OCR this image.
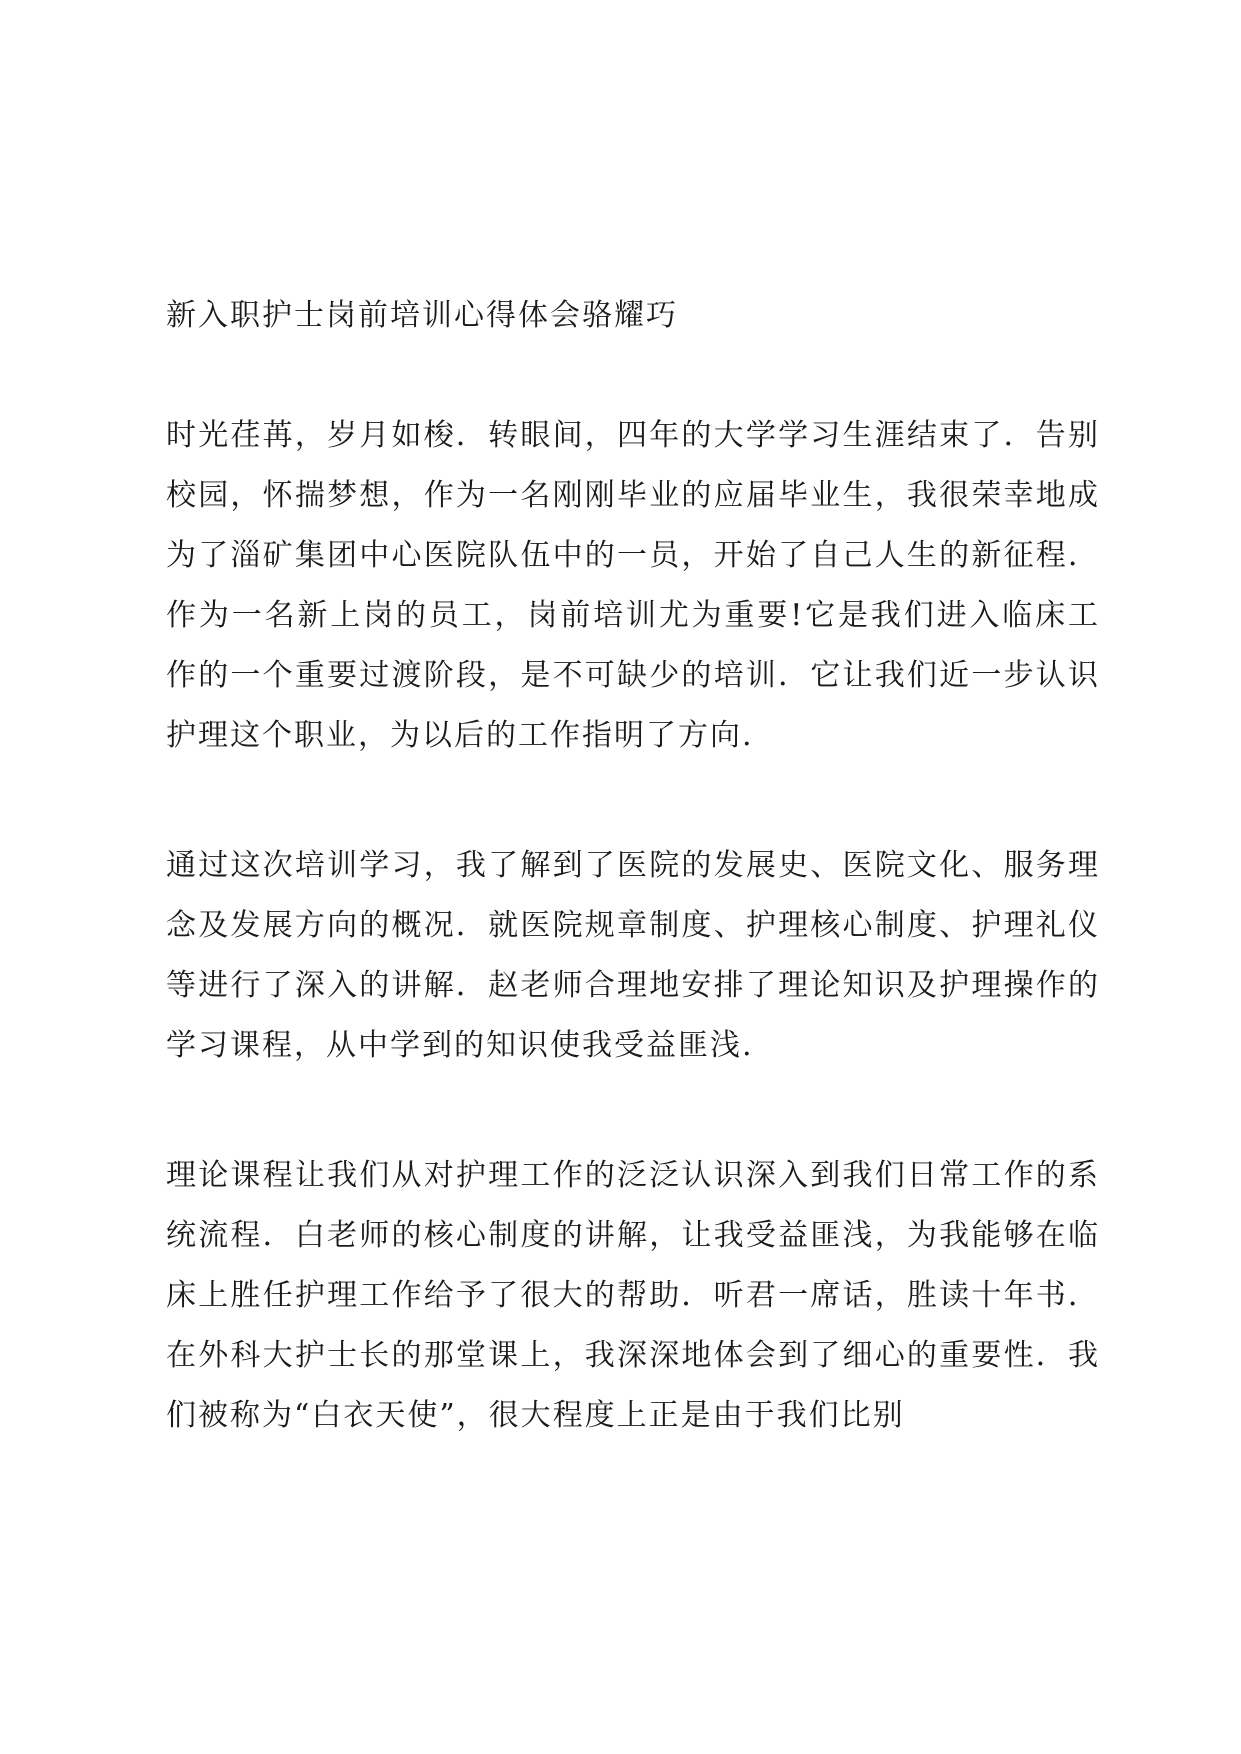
新入职护士岗前培训心得体会骆耀巧

时光荏苒，岁月如梭．转眼间，四年的大学学习生涯结束了．告别校园，怀揣梦想，作为一名刚刚毕业的应届毕业生，我很荣幸地成为了淄矿集团中心医院队伍中的一员，开始了自己人生的新征程．作为一名新上岗的员工，岗前培训尤为重要!它是我们进入临床工作的一个重要过渡阶段，是不可缺少的培训．它让我们近一步认识护理这个职业，为以后的工作指明了方向.

通过这次培训学习，我了解到了医院的发展史、医院文化、服务理念及发展方向的概况．就医院规章制度、护理核心制度、护理礼仪等进行了深入的讲解．赵老师合理地安排了理论知识及护理操作的学习课程，从中学到的知识使我受益匪浅.

理论课程让我们从对护理工作的泛泛认识深入到我们日常工作的系统流程．白老师的核心制度的讲解，让我受益匪浅，为我能够在临床上胜任护理工作给予了很大的帮助．听君一席话，胜读十年书．在外科大护士长的那堂课上，我深深地体会到了细心的重要性．我们被称为“白衣天使”，很大程度上正是由于我们比别
